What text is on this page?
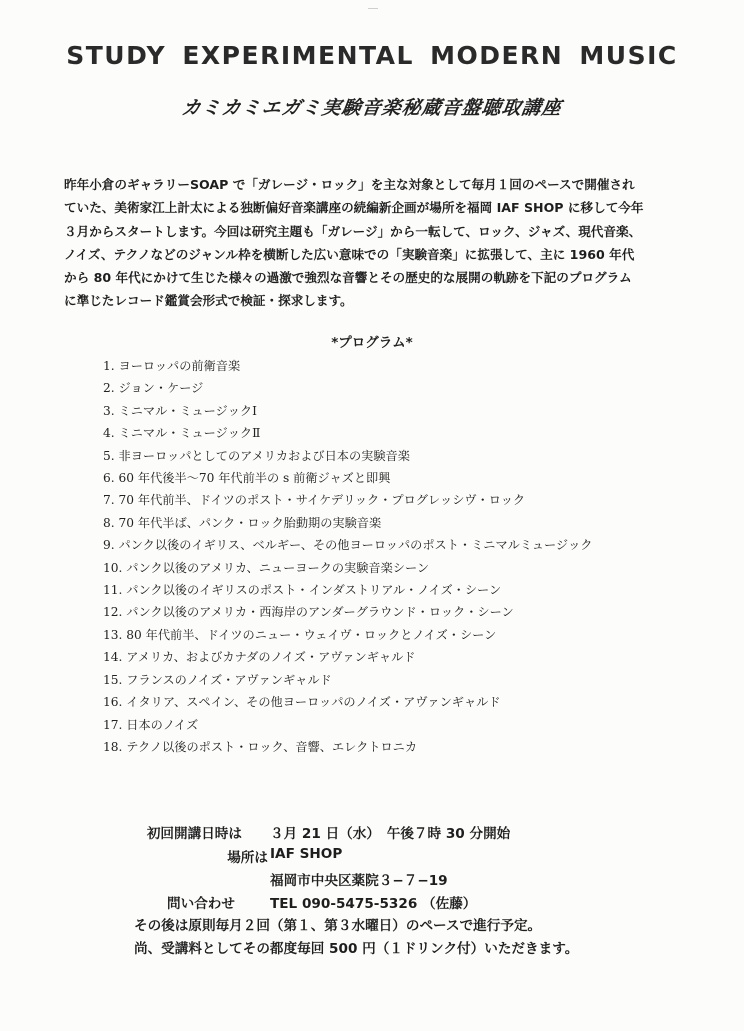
STUDY EXPERIMENTAL MODERN MUSIC
カミカミエガミ実験音楽秘蔵音盤聴取講座
昨年小倉のギャラリーSOAP で「ガレージ・ロック」を主な対象として毎月１回のペースで開催され
ていた、美術家江上計太による独断偏好音楽講座の続編新企画が場所を福岡 IAF SHOP に移して今年
３月からスタートします。今回は研究主題も「ガレージ」から一転して、ロック、ジャズ、現代音楽、
ノイズ、テクノなどのジャンル枠を横断した広い意味での「実験音楽」に拡張して、主に 1960 年代
から 80 年代にかけて生じた様々の過激で強烈な音響とその歴史的な展開の軌跡を下記のプログラム
に準じたレコード鑑賞会形式で検証・探求します。
*プログラム*
1. ヨーロッパの前衛音楽
2. ジョン・ケージ
3. ミニマル・ミュージックⅠ
4. ミニマル・ミュージックⅡ
5. 非ヨーロッパとしてのアメリカおよび日本の実験音楽
6. 60 年代後半〜70 年代前半の s 前衛ジャズと即興
7. 70 年代前半、ドイツのポスト・サイケデリック・プログレッシヴ・ロック
8. 70 年代半ば、パンク・ロック胎動期の実験音楽
9. パンク以後のイギリス、ベルギー、その他ヨーロッパのポスト・ミニマルミュージック
10. パンク以後のアメリカ、ニューヨークの実験音楽シーン
11. パンク以後のイギリスのポスト・インダストリアル・ノイズ・シーン
12. パンク以後のアメリカ・西海岸のアンダーグラウンド・ロック・シーン
13. 80 年代前半、ドイツのニュー・ウェイヴ・ロックとノイズ・シーン
14. アメリカ、およびカナダのノイズ・アヴァンギャルド
15. フランスのノイズ・アヴァンギャルド
16. イタリア、スペイン、その他ヨーロッパのノイズ・アヴァンギャルド
17. 日本のノイズ
18. テクノ以後のポスト・ロック、音響、エレクトロニカ
初回開講日時は ３月 21 日（水）　午後７時 30 分開始
場所は IAF SHOP
福岡市中央区薬院３−７−19
問い合わせ	TEL 090-5475-5326 （佐藤）
その後は原則毎月２回（第１、第３水曜日）のペースで進行予定。
尚、受講料としてその都度毎回 500 円（１ドリンク付）いただきます。
